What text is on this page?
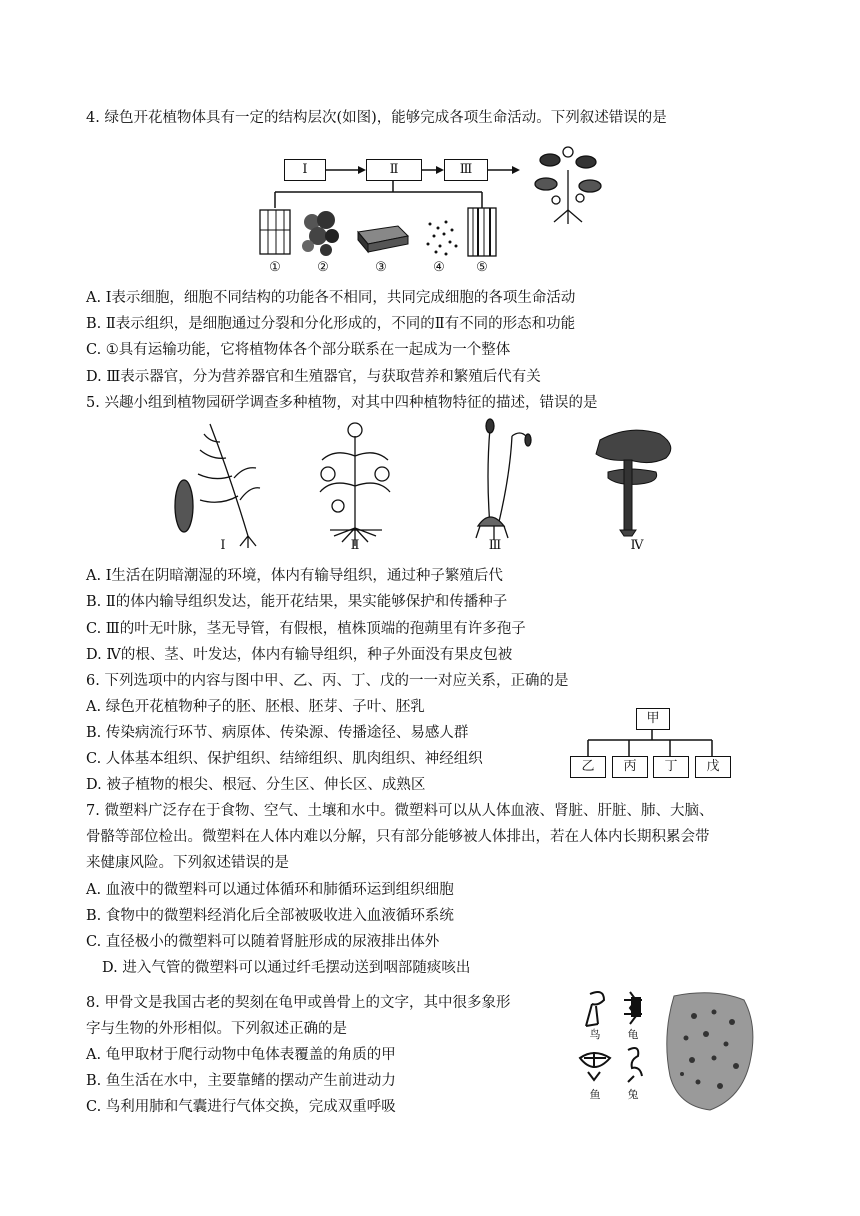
4. 绿色开花植物体具有一定的结构层次(如图)，能够完成各项生命活动。下列叙述错误的是
Ⅰ	Ⅱ	Ⅲ
①	②	③	④	⑤
A. Ⅰ表示细胞，细胞不同结构的功能各不相同，共同完成细胞的各项生命活动
B. Ⅱ表示组织，是细胞通过分裂和分化形成的，不同的Ⅱ有不同的形态和功能
C. ①具有运输功能，它将植物体各个部分联系在一起成为一个整体
D. Ⅲ表示器官，分为营养器官和生殖器官，与获取营养和繁殖后代有关
5. 兴趣小组到植物园研学调查多种植物，对其中四种植物特征的描述，错误的是
Ⅰ	Ⅱ	Ⅲ	Ⅳ
A. Ⅰ生活在阴暗潮湿的环境，体内有输导组织，通过种子繁殖后代
B. Ⅱ的体内输导组织发达，能开花结果，果实能够保护和传播种子
C. Ⅲ的叶无叶脉，茎无导管，有假根，植株顶端的孢蒴里有许多孢子
D. Ⅳ的根、茎、叶发达，体内有输导组织，种子外面没有果皮包被
6. 下列选项中的内容与图中甲、乙、丙、丁、戊的一一对应关系，正确的是
A. 绿色开花植物种子的胚、胚根、胚芽、子叶、胚乳
B. 传染病流行环节、病原体、传染源、传播途径、易感人群
C. 人体基本组织、保护组织、结缔组织、肌肉组织、神经组织
D. 被子植物的根尖、根冠、分生区、伸长区、成熟区
甲
乙	丙	丁	戊
7. 微塑料广泛存在于食物、空气、土壤和水中。微塑料可以从人体血液、肾脏、肝脏、肺、大脑、
骨骼等部位检出。微塑料在人体内难以分解，只有部分能够被人体排出，若在人体内长期积累会带
来健康风险。下列叙述错误的是
A. 血液中的微塑料可以通过体循环和肺循环运到组织细胞
B. 食物中的微塑料经消化后全部被吸收进入血液循环系统
C. 直径极小的微塑料可以随着肾脏形成的尿液排出体外
D. 进入气管的微塑料可以通过纤毛摆动送到咽部随痰咳出
8. 甲骨文是我国古老的契刻在龟甲或兽骨上的文字，其中很多象形
字与生物的外形相似。下列叙述正确的是
A. 龟甲取材于爬行动物中龟体表覆盖的角质的甲
B. 鱼生活在水中，主要靠鳍的摆动产生前进动力
C. 鸟利用肺和气囊进行气体交换，完成双重呼吸
鸟	龟
鱼	兔
